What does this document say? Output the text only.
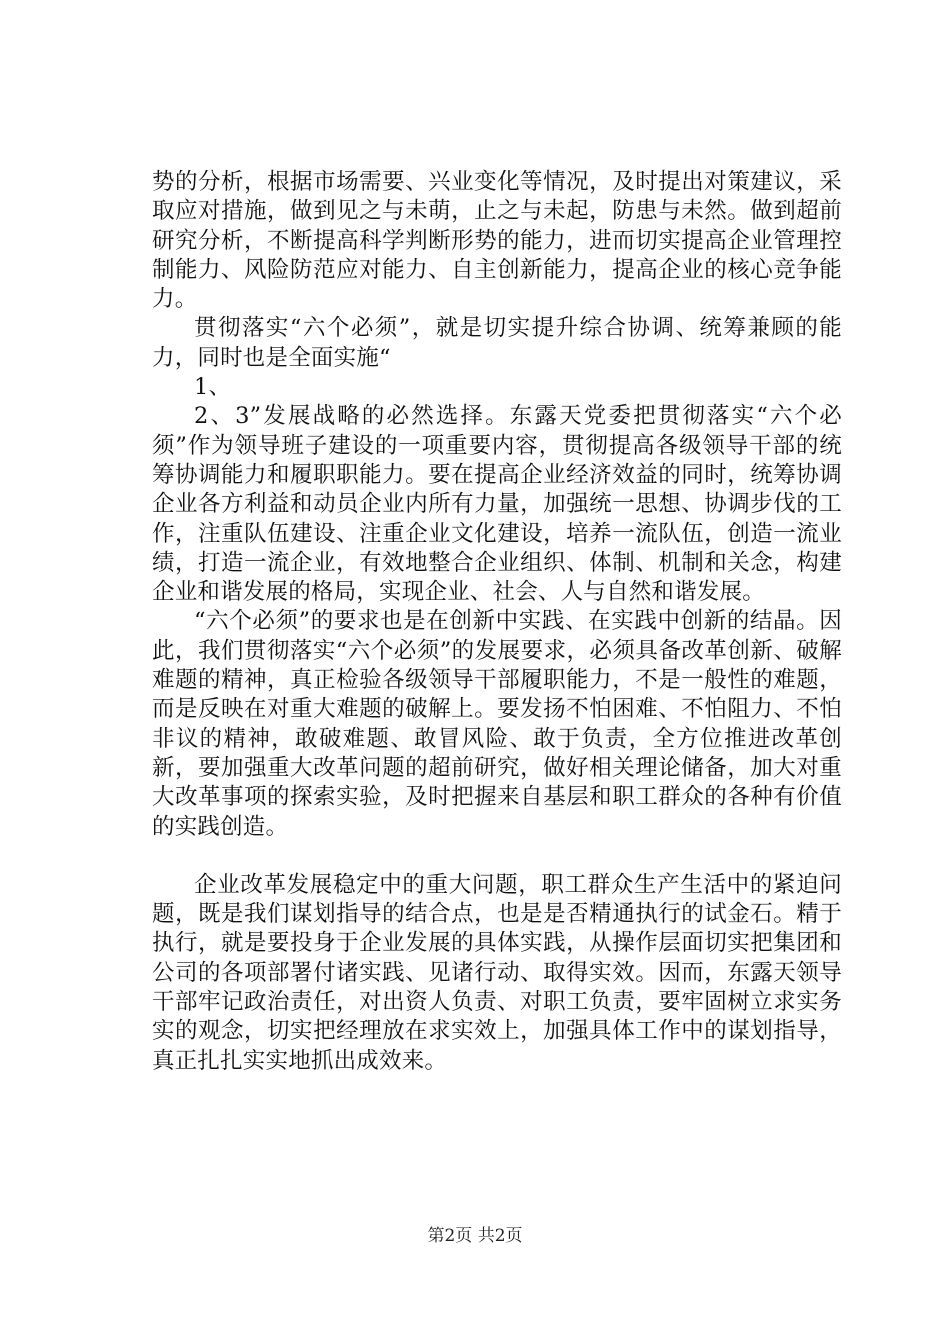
势的分析，根据市场需要、兴业变化等情况，及时提出对策建议，采取应对措施，做到见之与未萌，止之与未起，防患与未然。做到超前研究分析，不断提高科学判断形势的能力，进而切实提高企业管理控制能力、风险防范应对能力、自主创新能力，提高企业的核心竞争能力。

贯彻落实“六个必须”，就是切实提升综合协调、统筹兼顾的能力，同时也是全面实施“

1、

2、3”发展战略的必然选择。东露天党委把贯彻落实“六个必须”作为领导班子建设的一项重要内容，贯彻提高各级领导干部的统筹协调能力和履职职能力。要在提高企业经济效益的同时，统筹协调企业各方利益和动员企业内所有力量，加强统一思想、协调步伐的工作，注重队伍建设、注重企业文化建设，培养一流队伍，创造一流业绩，打造一流企业，有效地整合企业组织、体制、机制和关念，构建企业和谐发展的格局，实现企业、社会、人与自然和谐发展。

“六个必须”的要求也是在创新中实践、在实践中创新的结晶。因此，我们贯彻落实“六个必须”的发展要求，必须具备改革创新、破解难题的精神，真正检验各级领导干部履职能力，不是一般性的难题，而是反映在对重大难题的破解上。要发扬不怕困难、不怕阻力、不怕非议的精神，敢破难题、敢冒风险、敢于负责，全方位推进改革创新，要加强重大改革问题的超前研究，做好相关理论储备，加大对重大改革事项的探索实验，及时把握来自基层和职工群众的各种有价值的实践创造。

企业改革发展稳定中的重大问题，职工群众生产生活中的紧迫问题，既是我们谋划指导的结合点，也是是否精通执行的试金石。精于执行，就是要投身于企业发展的具体实践，从操作层面切实把集团和公司的各项部署付诸实践、见诸行动、取得实效。因而，东露天领导干部牢记政治责任，对出资人负责、对职工负责，要牢固树立求实务实的观念，切实把经理放在求实效上，加强具体工作中的谋划指导，真正扎扎实实地抓出成效来。

第2页 共2页
